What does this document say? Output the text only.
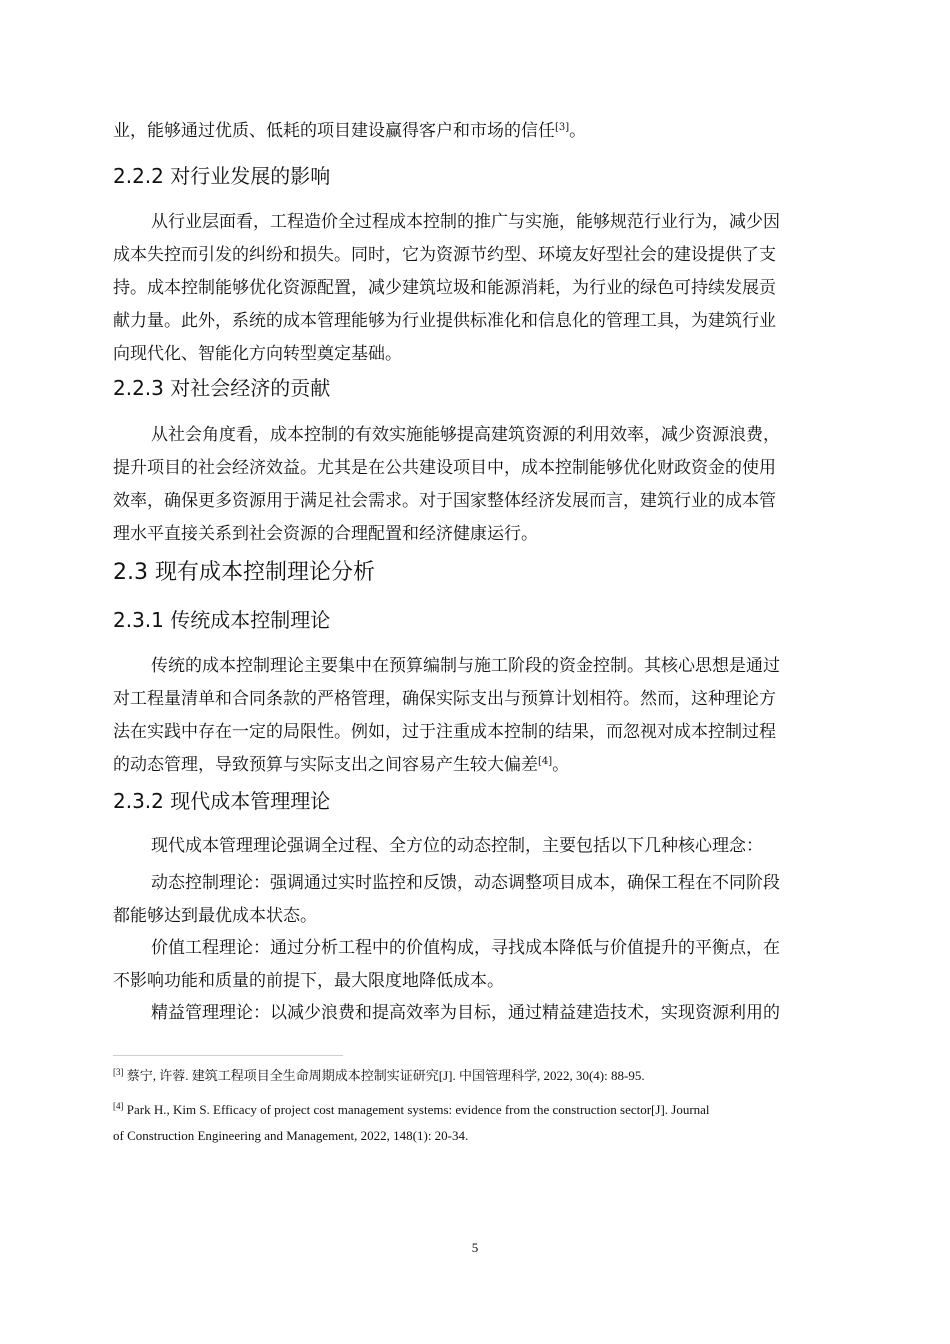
业，能够通过优质、低耗的项目建设赢得客户和市场的信任[3]。
2.2.2 对行业发展的影响
从行业层面看，工程造价全过程成本控制的推广与实施，能够规范行业行为，减少因
成本失控而引发的纠纷和损失。同时，它为资源节约型、环境友好型社会的建设提供了支
持。成本控制能够优化资源配置，减少建筑垃圾和能源消耗，为行业的绿色可持续发展贡
献力量。此外，系统的成本管理能够为行业提供标准化和信息化的管理工具，为建筑行业
向现代化、智能化方向转型奠定基础。
2.2.3 对社会经济的贡献
从社会角度看，成本控制的有效实施能够提高建筑资源的利用效率，减少资源浪费，
提升项目的社会经济效益。尤其是在公共建设项目中，成本控制能够优化财政资金的使用
效率，确保更多资源用于满足社会需求。对于国家整体经济发展而言，建筑行业的成本管
理水平直接关系到社会资源的合理配置和经济健康运行。
2.3 现有成本控制理论分析
2.3.1 传统成本控制理论
传统的成本控制理论主要集中在预算编制与施工阶段的资金控制。其核心思想是通过
对工程量清单和合同条款的严格管理，确保实际支出与预算计划相符。然而，这种理论方
法在实践中存在一定的局限性。例如，过于注重成本控制的结果，而忽视对成本控制过程
的动态管理，导致预算与实际支出之间容易产生较大偏差[4]。
2.3.2 现代成本管理理论
现代成本管理理论强调全过程、全方位的动态控制，主要包括以下几种核心理念：
动态控制理论：强调通过实时监控和反馈，动态调整项目成本，确保工程在不同阶段
都能够达到最优成本状态。
价值工程理论：通过分析工程中的价值构成，寻找成本降低与价值提升的平衡点，在
不影响功能和质量的前提下，最大限度地降低成本。
精益管理理论：以减少浪费和提高效率为目标，通过精益建造技术，实现资源利用的
[3] 蔡宁, 许蓉. 建筑工程项目全生命周期成本控制实证研究[J]. 中国管理科学, 2022, 30(4): 88-95.
[4] Park H., Kim S. Efficacy of project cost management systems: evidence from the construction sector[J]. Journal
of Construction Engineering and Management, 2022, 148(1): 20-34.
5
